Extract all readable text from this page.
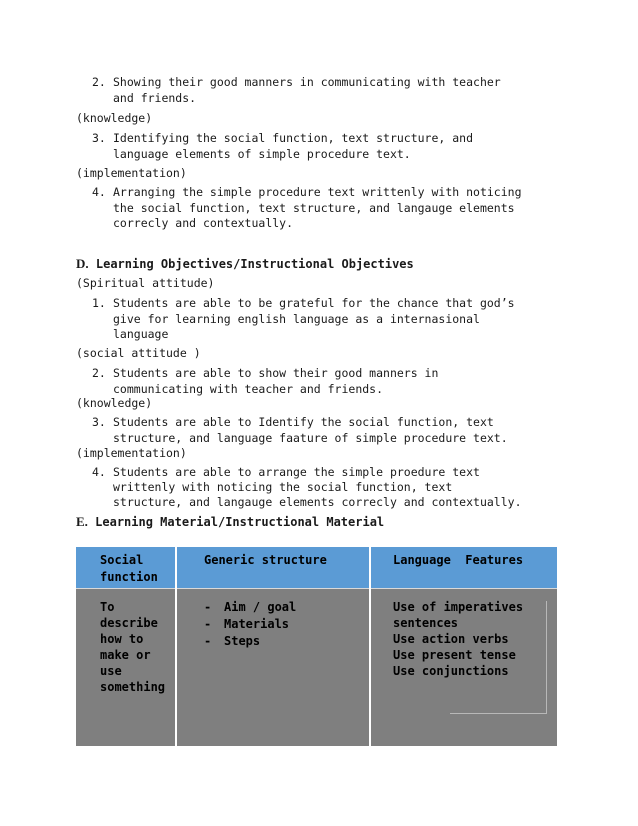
2. Showing their good manners in communicating with teacher
and friends.
(knowledge)
3. Identifying the social function, text structure, and
language elements of simple procedure text.
(implementation)
4. Arranging the simple procedure text writtenly with noticing
the social function, text structure, and langauge elements
correcly and contextually.
D. Learning Objectives/Instructional Objectives
(Spiritual attitude)
1. Students are able to be grateful for the chance that god’s
give for learning english language as a internasional
language
(social attitude )
2. Students are able to show their good manners in
communicating with teacher and friends.
(knowledge)
3. Students are able to Identify the social function, text
structure, and language faature of simple procedure text.
(implementation)
4. Students are able to arrange the simple proedure text
writtenly with noticing the social function, text
structure, and langauge elements correcly and contextually.
E. Learning Material/Instructional Material
Social
function
Generic structure	Language  Features
To
describe
how to
make or
use
something
- Aim / goal
- Materials
- Steps
Use of imperatives
sentences
Use action verbs
Use present tense
Use conjunctions
